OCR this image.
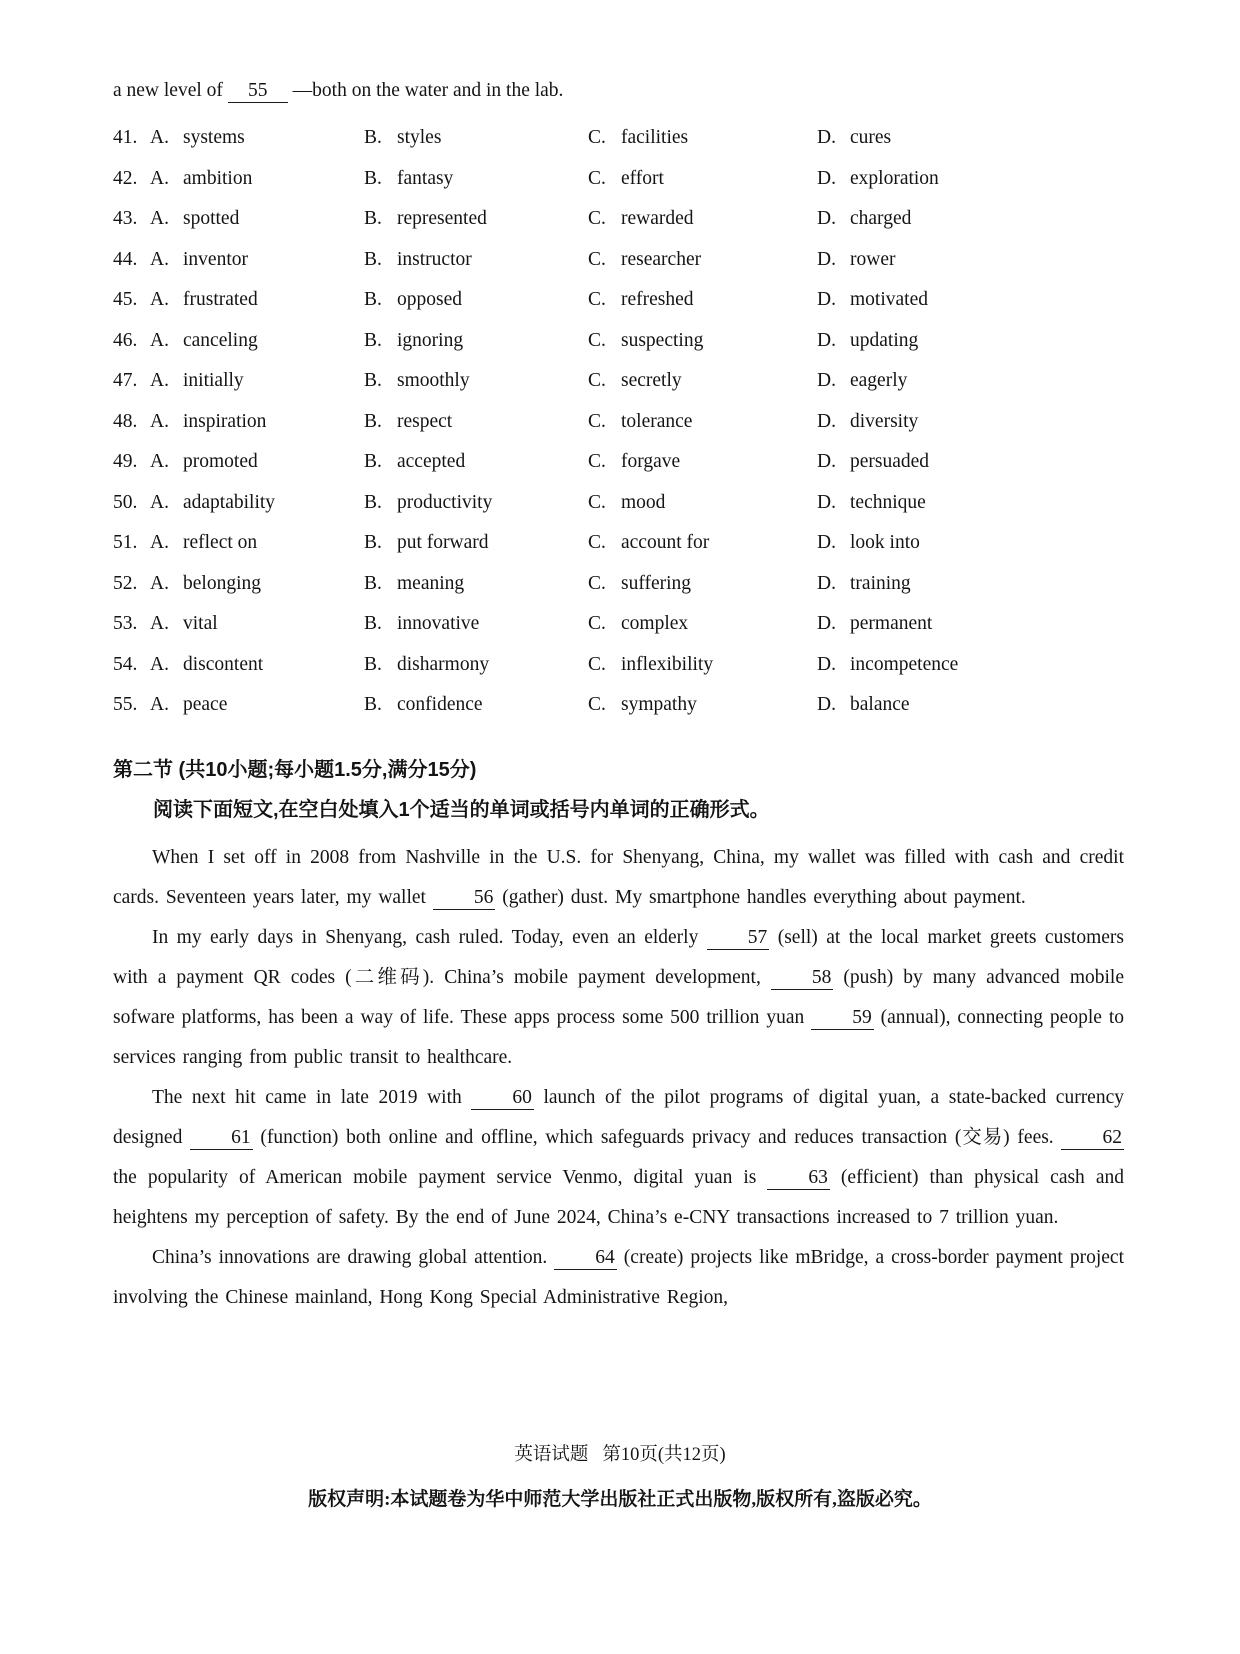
a new level of 55 —both on the water and in the lab.

41. A. systems	B. styles	C. facilities	D. cures
42. A. ambition	B. fantasy	C. effort	D. exploration
43. A. spotted	B. represented	C. rewarded	D. charged
44. A. inventor	B. instructor	C. researcher	D. rower
45. A. frustrated	B. opposed	C. refreshed	D. motivated
46. A. canceling	B. ignoring	C. suspecting	D. updating
47. A. initially	B. smoothly	C. secretly	D. eagerly
48. A. inspiration	B. respect	C. tolerance	D. diversity
49. A. promoted	B. accepted	C. forgave	D. persuaded
50. A. adaptability	B. productivity	C. mood	D. technique
51. A. reflect on	B. put forward	C. account for	D. look into
52. A. belonging	B. meaning	C. suffering	D. training
53. A. vital	B. innovative	C. complex	D. permanent
54. A. discontent	B. disharmony	C. inflexibility	D. incompetence
55. A. peace	B. confidence	C. sympathy	D. balance
第二节 (共10小题;每小题1.5分,满分15分)

阅读下面短文,在空白处填入1个适当的单词或括号内单词的正确形式。

When I set off in 2008 from Nashville in the U.S. for Shenyang, China, my wallet was filled with cash and credit cards. Seventeen years later, my wallet 56 (gather) dust. My smartphone handles everything about payment.

In my early days in Shenyang, cash ruled. Today, even an elderly 57 (sell) at the local market greets customers with a payment QR codes (二维码). China’s mobile payment development, 58 (push) by many advanced mobile sofware platforms, has been a way of life. These apps process some 500 trillion yuan 59 (annual), connecting people to services ranging from public transit to healthcare.

The next hit came in late 2019 with 60 launch of the pilot programs of digital yuan, a state-backed currency designed 61 (function) both online and offline, which safeguards privacy and reduces transaction (交易) fees. 62 the popularity of American mobile payment service Venmo, digital yuan is 63 (efficient) than physical cash and heightens my perception of safety. By the end of June 2024, China’s e-CNY transactions increased to 7 trillion yuan.

China’s innovations are drawing global attention. 64 (create) projects like mBridge, a cross-border payment project involving the Chinese mainland, Hong Kong Special Administrative Region,

英语试题 第10页(共12页)
版权声明:本试题卷为华中师范大学出版社正式出版物,版权所有,盗版必究。
